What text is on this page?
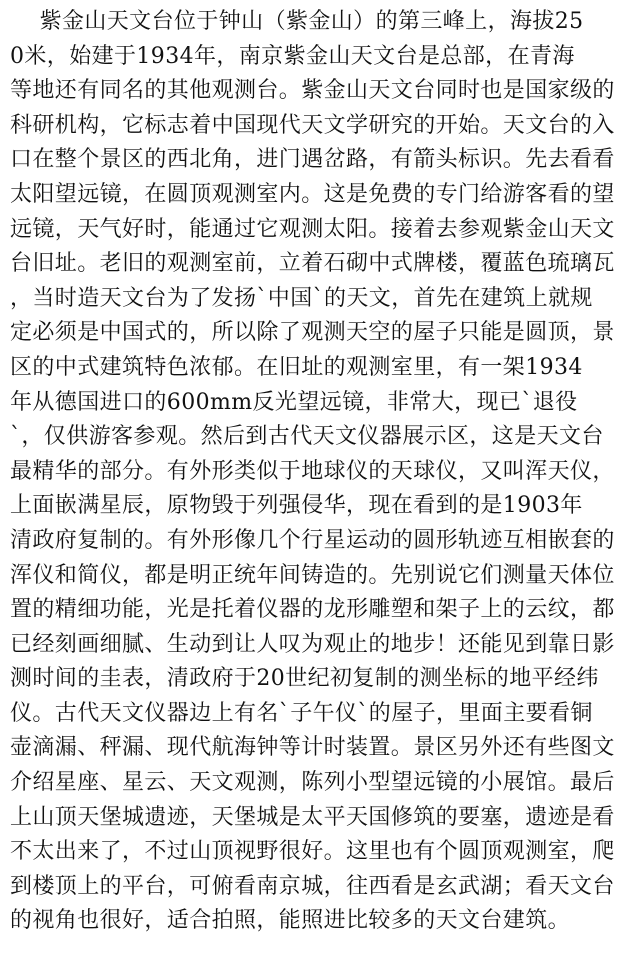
紫金山天文台位于钟山（紫金山）的第三峰上，海拔25
0米，始建于1934年，南京紫金山天文台是总部，在青海
等地还有同名的其他观测台。紫金山天文台同时也是国家级的
科研机构，它标志着中国现代天文学研究的开始。天文台的入
口在整个景区的西北角，进门遇岔路，有箭头标识。先去看看
太阳望远镜，在圆顶观测室内。这是免费的专门给游客看的望
远镜，天气好时，能通过它观测太阳。接着去参观紫金山天文
台旧址。老旧的观测室前，立着石砌中式牌楼，覆蓝色琉璃瓦
，当时造天文台为了发扬`中国`的天文，首先在建筑上就规
定必须是中国式的，所以除了观测天空的屋子只能是圆顶，景
区的中式建筑特色浓郁。在旧址的观测室里，有一架1934
年从德国进口的600mm反光望远镜，非常大，现已`退役
`，仅供游客参观。然后到古代天文仪器展示区，这是天文台
最精华的部分。有外形类似于地球仪的天球仪，又叫浑天仪，
上面嵌满星辰，原物毁于列强侵华，现在看到的是1903年
清政府复制的。有外形像几个行星运动的圆形轨迹互相嵌套的
浑仪和简仪，都是明正统年间铸造的。先别说它们测量天体位
置的精细功能，光是托着仪器的龙形雕塑和架子上的云纹，都
已经刻画细腻、生动到让人叹为观止的地步！还能见到靠日影
测时间的圭表，清政府于20世纪初复制的测坐标的地平经纬
仪。古代天文仪器边上有名`子午仪`的屋子，里面主要看铜
壶滴漏、秤漏、现代航海钟等计时装置。景区另外还有些图文
介绍星座、星云、天文观测，陈列小型望远镜的小展馆。最后
上山顶天堡城遗迹，天堡城是太平天国修筑的要塞，遗迹是看
不太出来了，不过山顶视野很好。这里也有个圆顶观测室，爬
到楼顶上的平台，可俯看南京城，往西看是玄武湖；看天文台
的视角也很好，适合拍照，能照进比较多的天文台建筑。
